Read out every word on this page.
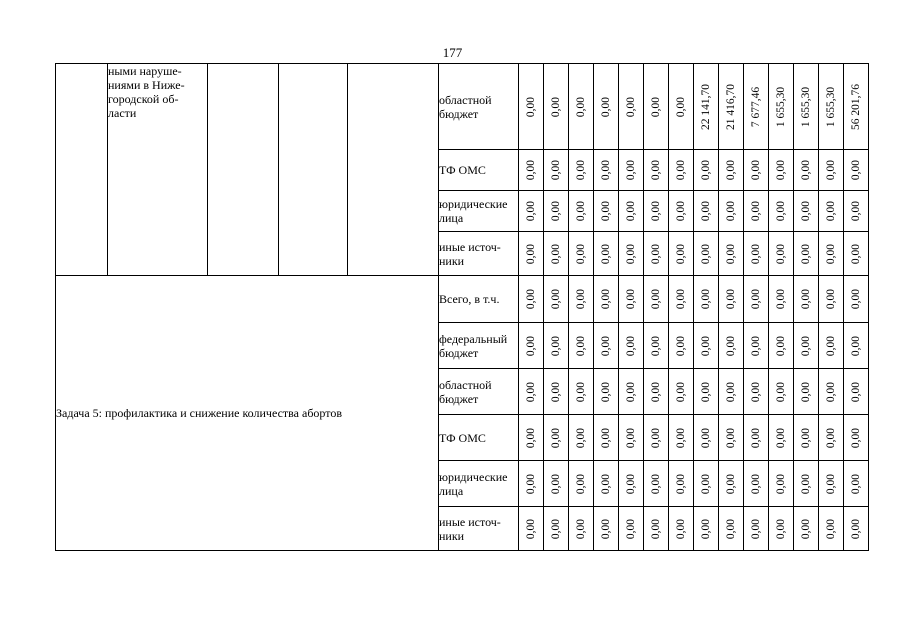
177
	ными наруше-
ниями в Ниже-
городской об-
ласти				областной бюджет	0,00	0,00	0,00	0,00	0,00	0,00	0,00	22 141,70	21 416,70	7 677,46	1 655,30	1 655,30	1 655,30	56 201,76

					ТФ ОМС	0,00	0,00	0,00	0,00	0,00	0,00	0,00	0,00	0,00	0,00	0,00	0,00	0,00	0,00

					юридические лица	0,00	0,00	0,00	0,00	0,00	0,00	0,00	0,00	0,00	0,00	0,00	0,00	0,00	0,00

					иные источ-
ники	0,00	0,00	0,00	0,00	0,00	0,00	0,00	0,00	0,00	0,00	0,00	0,00	0,00	0,00

Задача 5: профилактика и снижение количества абортов					Всего, в т.ч.	0,00	0,00	0,00	0,00	0,00	0,00	0,00	0,00	0,00	0,00	0,00	0,00	0,00	0,00

					федеральный бюджет	0,00	0,00	0,00	0,00	0,00	0,00	0,00	0,00	0,00	0,00	0,00	0,00	0,00	0,00

					областной бюджет	0,00	0,00	0,00	0,00	0,00	0,00	0,00	0,00	0,00	0,00	0,00	0,00	0,00	0,00

					ТФ ОМС	0,00	0,00	0,00	0,00	0,00	0,00	0,00	0,00	0,00	0,00	0,00	0,00	0,00	0,00

					юридические лица	0,00	0,00	0,00	0,00	0,00	0,00	0,00	0,00	0,00	0,00	0,00	0,00	0,00	0,00

					иные источ-
ники	0,00	0,00	0,00	0,00	0,00	0,00	0,00	0,00	0,00	0,00	0,00	0,00	0,00	0,00
